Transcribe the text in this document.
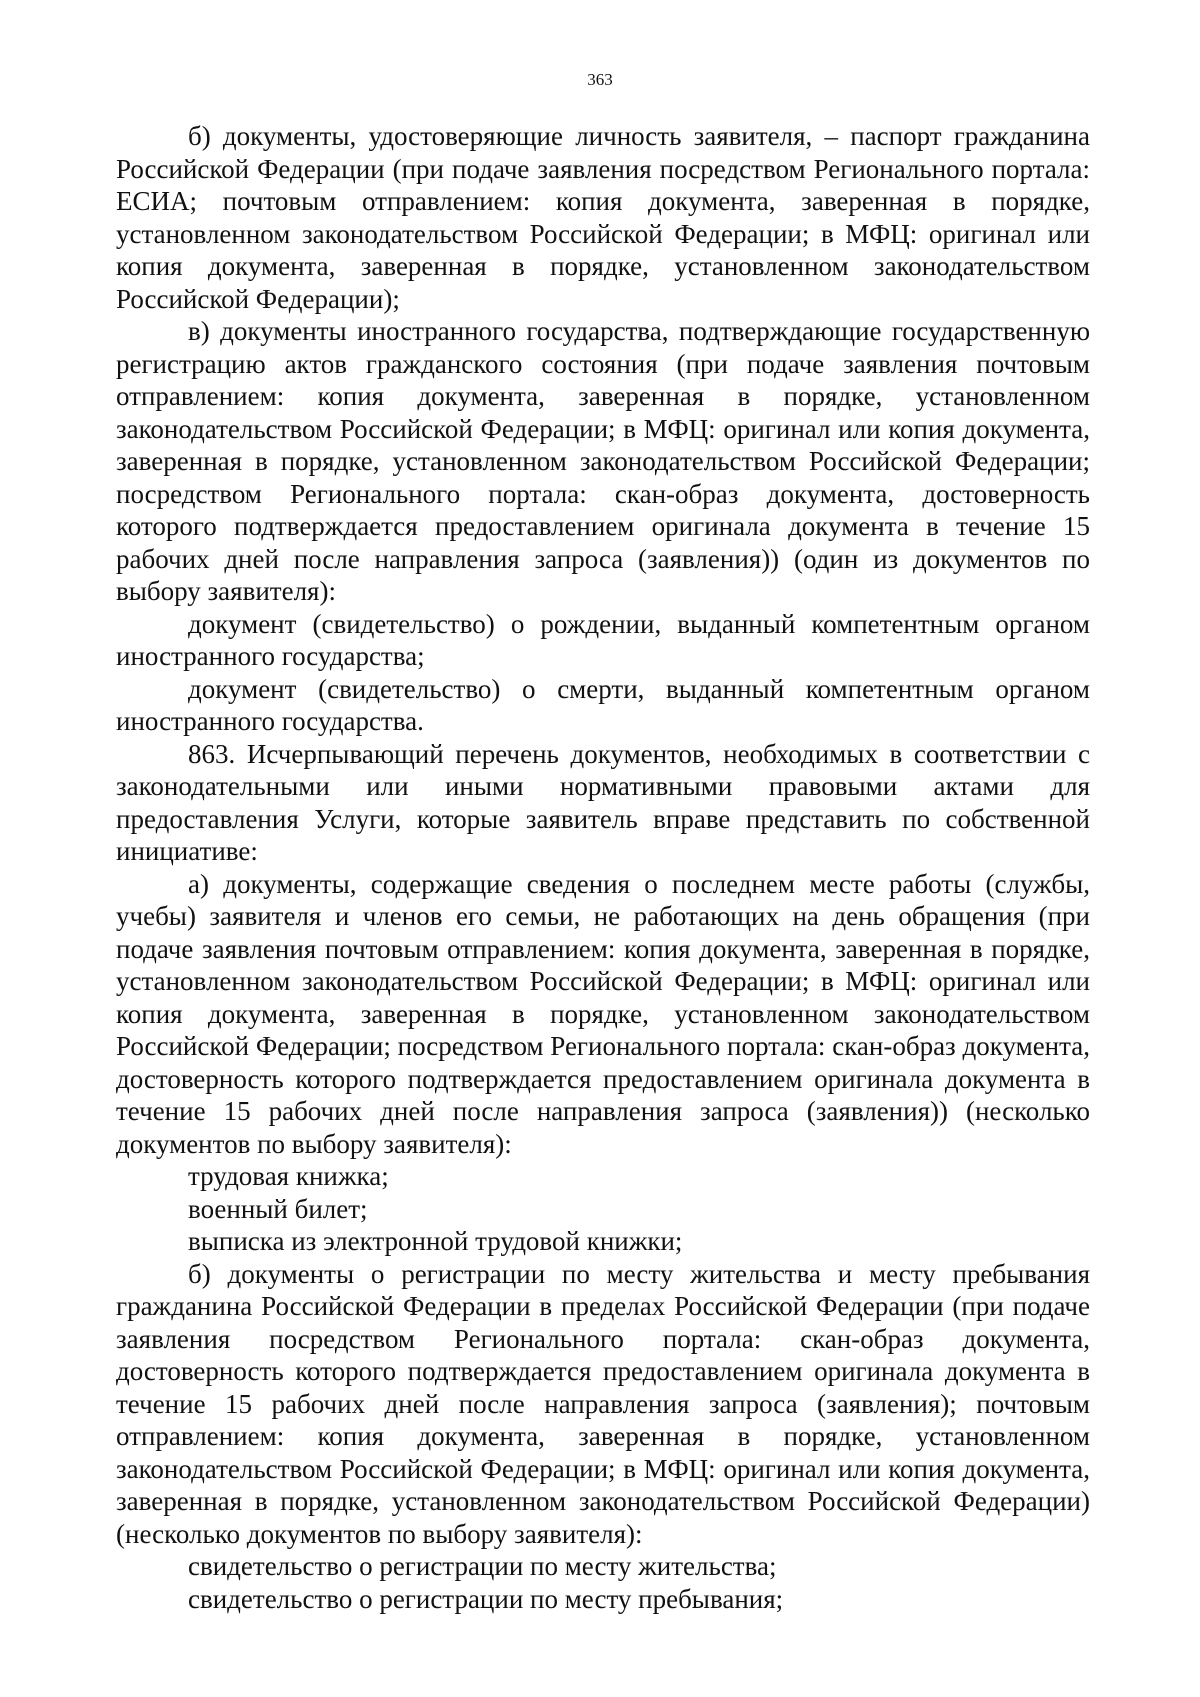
363

б) документы, удостоверяющие личность заявителя, – паспорт гражданина Российской Федерации (при подаче заявления посредством Регионального портала: ЕСИА; почтовым отправлением: копия документа, заверенная в порядке, установленном законодательством Российской Федерации; в МФЦ: оригинал или копия документа, заверенная в порядке, установленном законодательством Российской Федерации);

в) документы иностранного государства, подтверждающие государственную регистрацию актов гражданского состояния (при подаче заявления почтовым отправлением: копия документа, заверенная в порядке, установленном законодательством Российской Федерации; в МФЦ: оригинал или копия документа, заверенная в порядке, установленном законодательством Российской Федерации; посредством Регионального портала: скан-образ документа, достоверность которого подтверждается предоставлением оригинала документа в течение 15 рабочих дней после направления запроса (заявления)) (один из документов по выбору заявителя):

документ (свидетельство) о рождении, выданный компетентным органом иностранного государства;

документ (свидетельство) о смерти, выданный компетентным органом иностранного государства.

863. Исчерпывающий перечень документов, необходимых в соответствии с законодательными или иными нормативными правовыми актами для предоставления Услуги, которые заявитель вправе представить по собственной инициативе:

а) документы, содержащие сведения о последнем месте работы (службы, учебы) заявителя и членов его семьи, не работающих на день обращения (при подаче заявления почтовым отправлением: копия документа, заверенная в порядке, установленном законодательством Российской Федерации; в МФЦ: оригинал или копия документа, заверенная в порядке, установленном законодательством Российской Федерации; посредством Регионального портала: скан-образ документа, достоверность которого подтверждается предоставлением оригинала документа в течение 15 рабочих дней после направления запроса (заявления)) (несколько документов по выбору заявителя):

трудовая книжка;

военный билет;

выписка из электронной трудовой книжки;

б) документы о регистрации по месту жительства и месту пребывания гражданина Российской Федерации в пределах Российской Федерации (при подаче заявления посредством Регионального портала: скан-образ документа, достоверность которого подтверждается предоставлением оригинала документа в течение 15 рабочих дней после направления запроса (заявления); почтовым отправлением: копия документа, заверенная в порядке, установленном законодательством Российской Федерации; в МФЦ: оригинал или копия документа, заверенная в порядке, установленном законодательством Российской Федерации) (несколько документов по выбору заявителя):

свидетельство о регистрации по месту жительства;

свидетельство о регистрации по месту пребывания;
